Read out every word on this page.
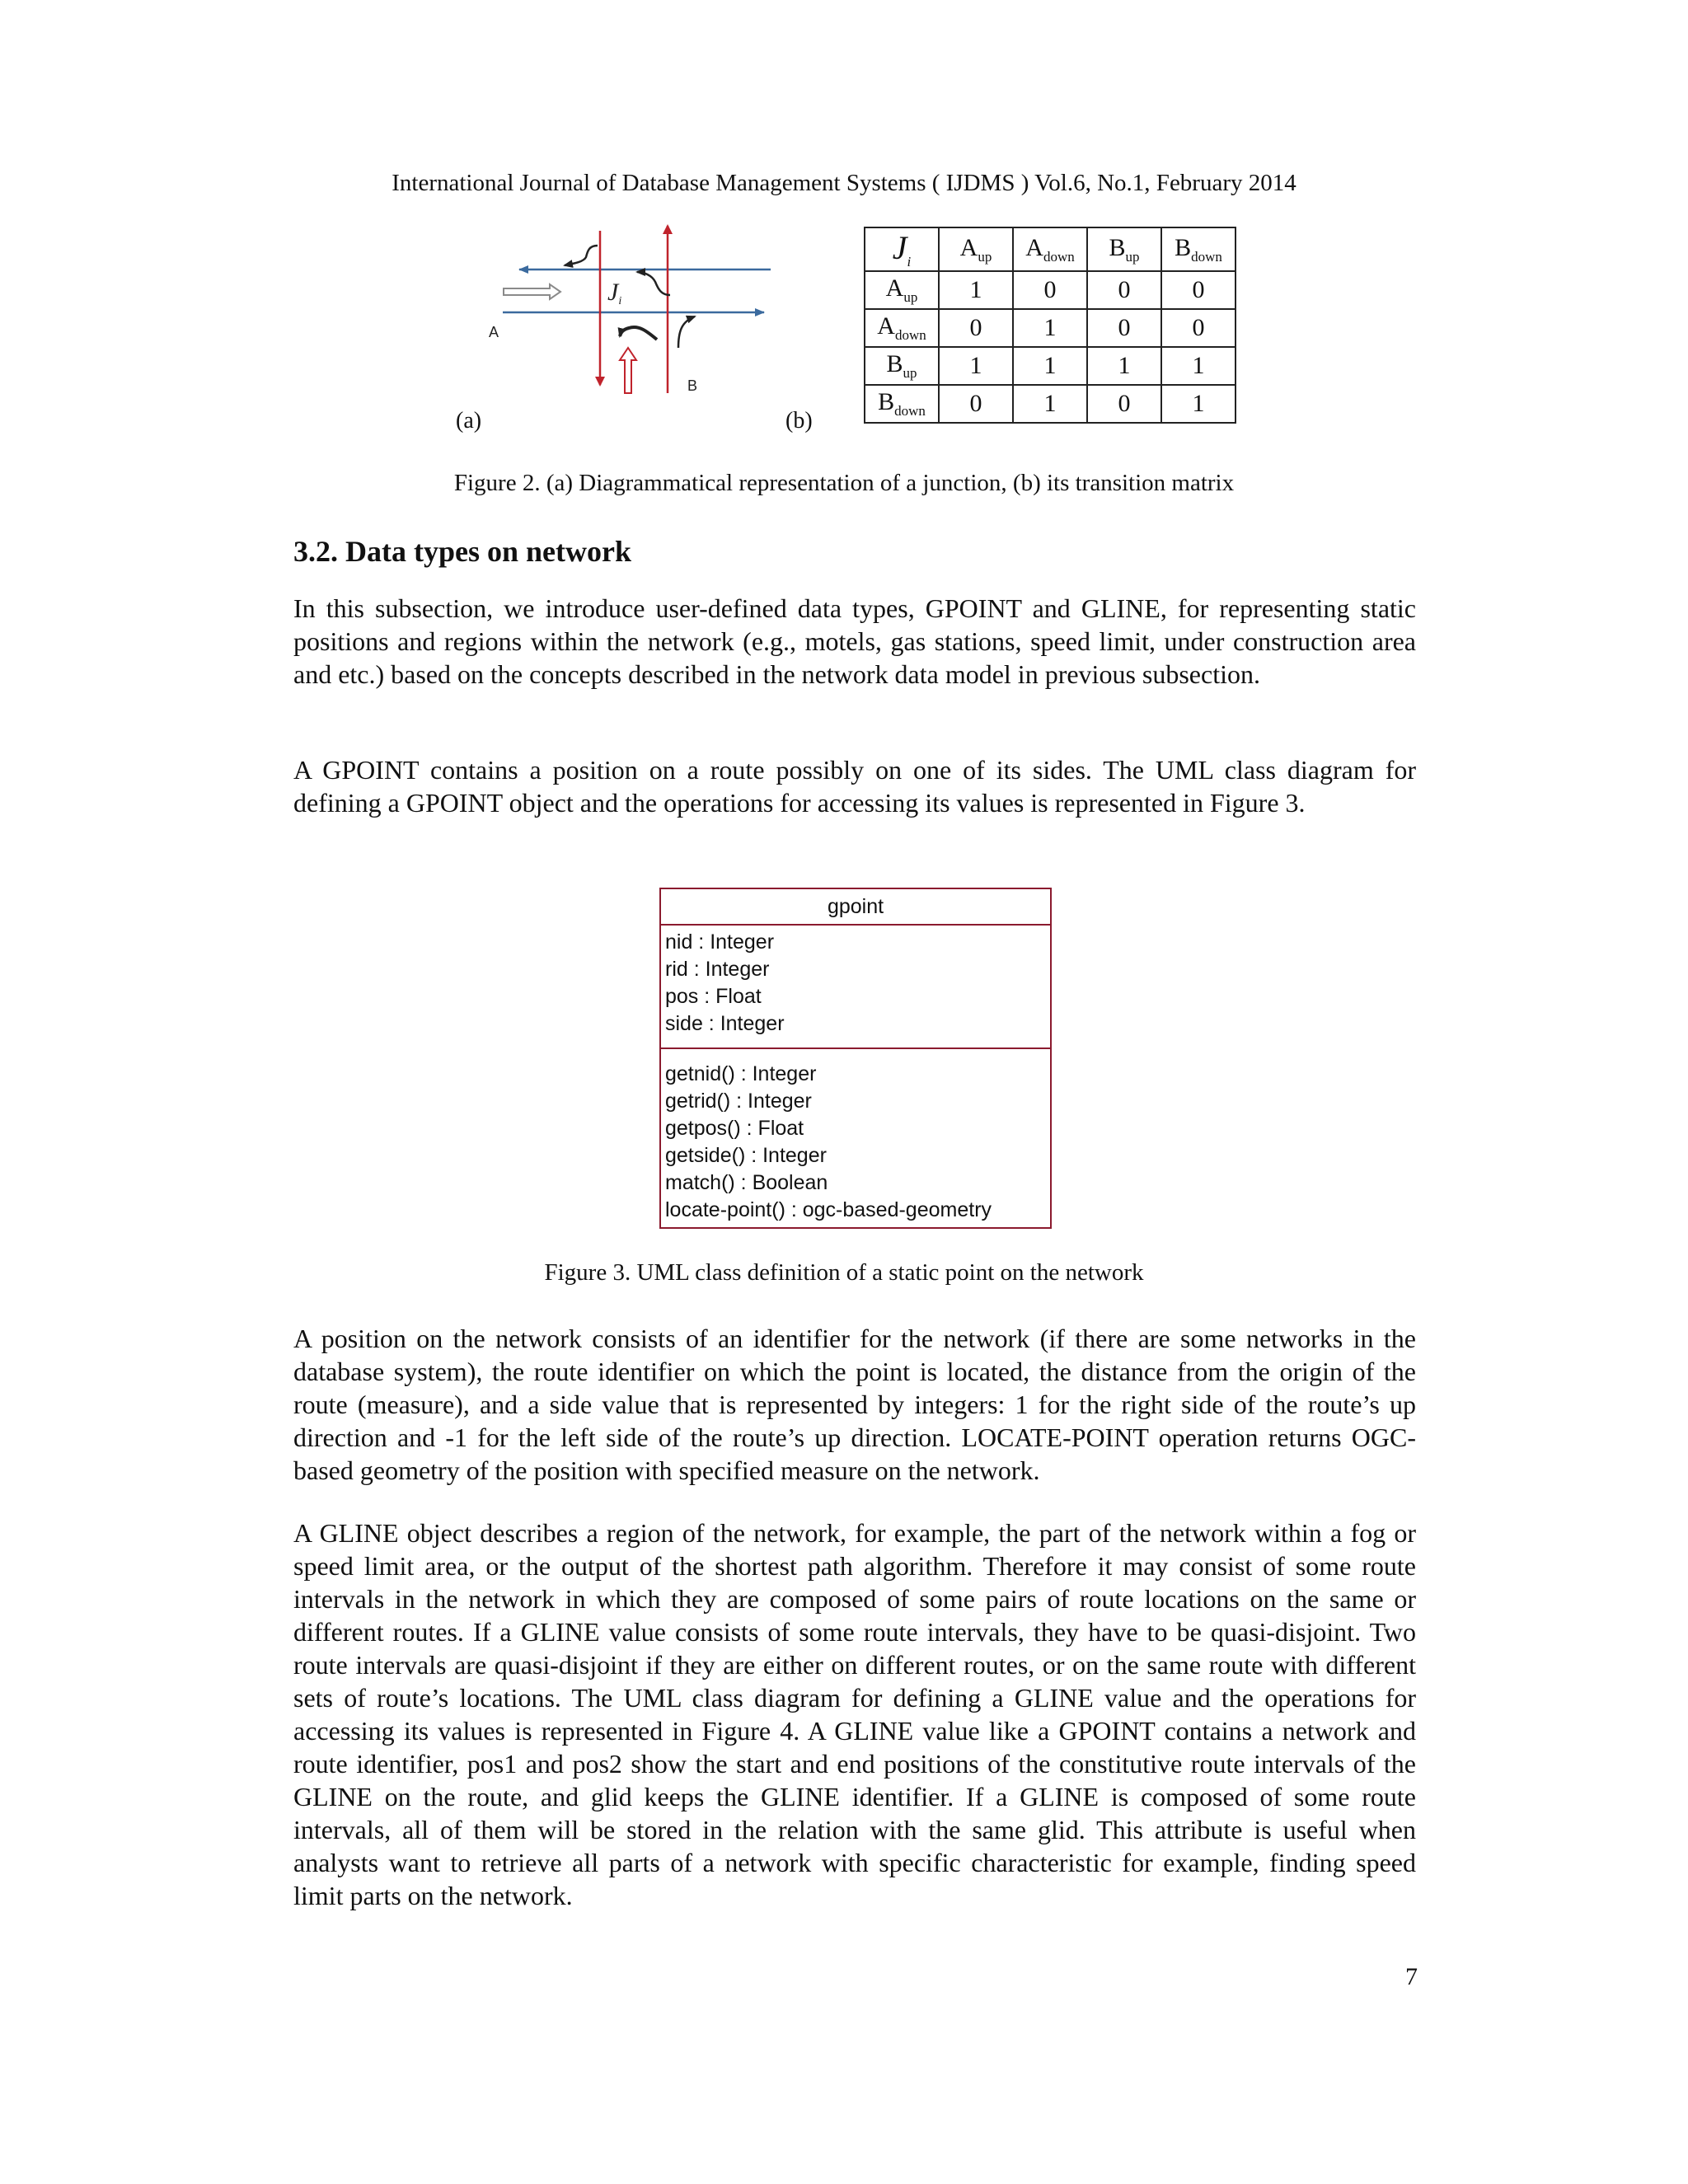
International Journal of Database Management Systems ( IJDMS ) Vol.6, No.1, February 2014
A
B
Ji
(a)	(b)
$J_i$	$A_{up}$	$A_{down}$	$B_{up}$	$B_{down}$
$A_{up}$	1	0	0	0
$A_{down}$	0	1	0	0
$B_{up}$	1	1	1	1
$B_{down}$	0	1	0	1
Figure 2. (a) Diagrammatical representation of a junction, (b) its transition matrix
3.2. Data types on network
In this subsection, we introduce user-defined data types, GPOINT and GLINE, for representing static positions and regions within the network (e.g., motels, gas stations, speed limit, under construction area and etc.) based on the concepts described in the network data model in previous subsection.
A GPOINT contains a position on a route possibly on one of its sides. The UML class diagram for defining a GPOINT object and the operations for accessing its values is represented in Figure 3.
gpoint
nid : Integer
rid : Integer
pos : Float
side : Integer
getnid() : Integer
getrid() : Integer
getpos() : Float
getside() : Integer
match() : Boolean
locate-point() : ogc-based-geometry
Figure 3. UML class definition of a static point on the network
A position on the network consists of an identifier for the network (if there are some networks in the database system), the route identifier on which the point is located, the distance from the origin of the route (measure), and a side value that is represented by integers: 1 for the right side of the route’s up direction and -1 for the left side of the route’s up direction. LOCATE-POINT operation returns OGC-based geometry of the position with specified measure on the network.
A GLINE object describes a region of the network, for example, the part of the network within a fog or speed limit area, or the output of the shortest path algorithm. Therefore it may consist of some route intervals in the network in which they are composed of some pairs of route locations on the same or different routes. If a GLINE value consists of some route intervals, they have to be quasi-disjoint. Two route intervals are quasi-disjoint if they are either on different routes, or on the same route with different sets of route’s locations. The UML class diagram for defining a GLINE value and the operations for accessing its values is represented in Figure 4. A GLINE value like a GPOINT contains a network and route identifier, pos1 and pos2 show the start and end positions of the constitutive route intervals of the GLINE on the route, and glid keeps the GLINE identifier. If a GLINE is composed of some route intervals, all of them will be stored in the relation with the same glid. This attribute is useful when analysts want to retrieve all parts of a network with specific characteristic for example, finding speed limit parts on the network.
7
